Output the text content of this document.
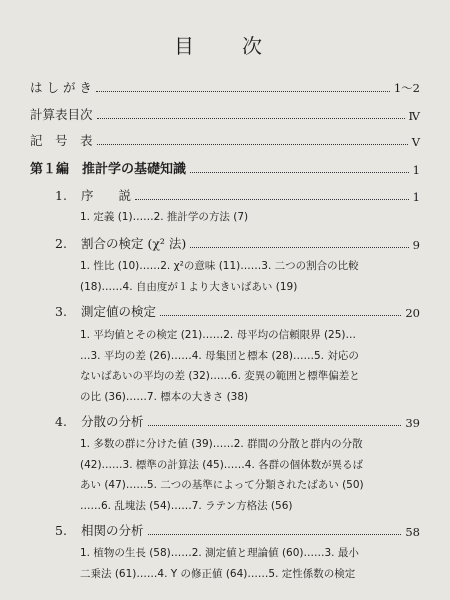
目　次
は し が き	1～2
計算表目次	Ⅳ
記　号　表	Ⅴ
第１編　推計学の基礎知識	1
1. 序　　説	1
1. 定義 (1)……2. 推計学の方法 (7)
2. 割合の検定 (χ² 法)	9
1. 性比 (10)……2. χ²の意味 (11)……3. 二つの割合の比較
(18)……4. 自由度が１より大きいばあい (19)
3. 測定値の検定	20
1. 平均値とその検定 (21)……2. 母平均の信頼限界 (25)…
…3. 平均の差 (26)……4. 母集団と標本 (28)……5. 対応の
ないばあいの平均の差 (32)……6. 変異の範囲と標準偏差と
の比 (36)……7. 標本の大きさ (38)
4. 分散の分析	39
1. 多数の群に分けた値 (39)……2. 群間の分散と群内の分散
(42)……3. 標準の計算法 (45)……4. 各群の個体数が異るば
あい (47)……5. 二つの基準によって分類されたばあい (50)
……6. 乱塊法 (54)……7. ラテン方格法 (56)
5. 相関の分析	58
1. 植物の生長 (58)……2. 測定値と理論値 (60)……3. 最小
二乗法 (61)……4. Y の修正値 (64)……5. 定性係数の検定
